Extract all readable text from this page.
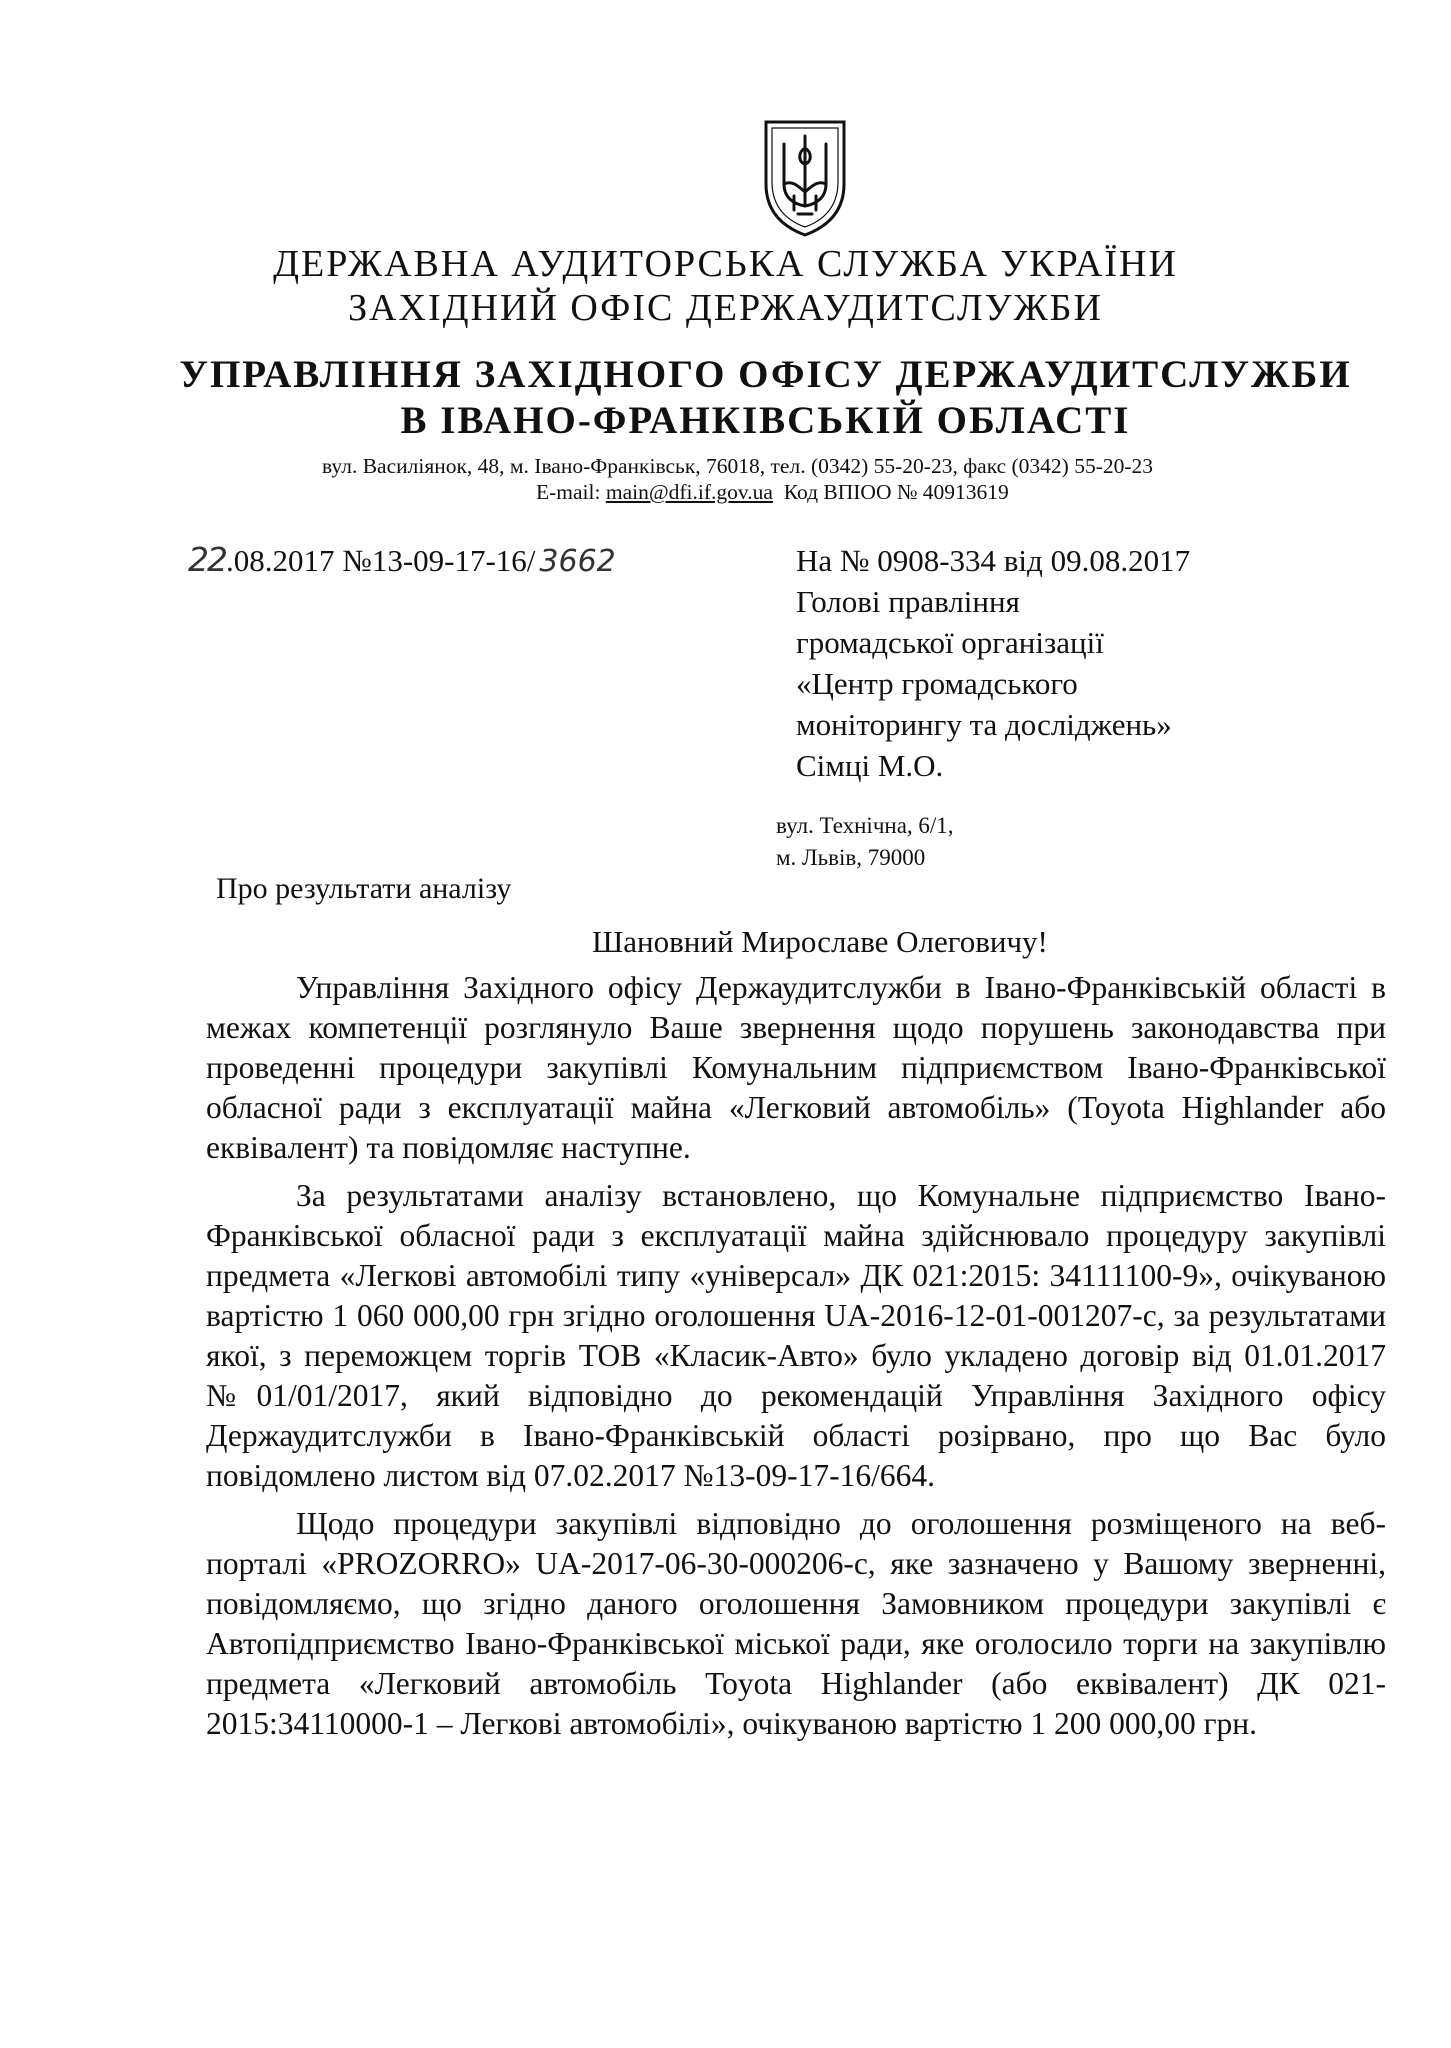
ДЕРЖАВНА АУДИТОРСЬКА СЛУЖБА УКРАЇНИ
ЗАХІДНИЙ ОФІС ДЕРЖАУДИТСЛУЖБИ
УПРАВЛІННЯ ЗАХІДНОГО ОФІСУ ДЕРЖАУДИТСЛУЖБИ
В ІВАНО-ФРАНКІВСЬКІЙ ОБЛАСТІ
вул. Василіянок, 48, м. Івано-Франківськ, 76018, тел. (0342) 55-20-23, факс (0342) 55-20-23
E-mail: main@dfi.if.gov.ua Код ВПІОО № 40913619
22.08.2017 №13-09-17-16/ 3662	На № 0908-334 від 09.08.2017
Голові правління
громадської організації
«Центр громадського
моніторингу та досліджень»
Сімці М.О.
вул. Технічна, 6/1,
м. Львів, 79000
Про результати аналізу
Шановний Мирославе Олеговичу!

Управління Західного офісу Держаудитслужби в Івано-Франківській області в межах компетенції розглянуло Ваше звернення щодо порушень законодавства при проведенні процедури закупівлі Комунальним підприємством Івано-Франківської обласної ради з експлуатації майна «Легковий автомобіль» (Toyota Highlander або еквівалент) та повідомляє наступне.

За результатами аналізу встановлено, що Комунальне підприємство Івано-Франківської обласної ради з експлуатації майна здійснювало процедуру закупівлі предмета «Легкові автомобілі типу «універсал» ДК 021:2015: 34111100-9», очікуваною вартістю 1 060 000,00 грн згідно оголошення UA-2016-12-01-001207-с, за результатами якої, з переможцем торгів ТОВ «Класик-Авто» було укладено договір від 01.01.2017 №01/01/2017, який відповідно до рекомендацій Управління Західного офісу Держаудитслужби в Івано-Франківській області розірвано, про що Вас було повідомлено листом від 07.02.2017 №13-09-17-16/664.

Щодо процедури закупівлі відповідно до оголошення розміщеного на веб-порталі «PROZORRO» UA-2017-06-30-000206-с, яке зазначено у Вашому зверненні, повідомляємо, що згідно даного оголошення Замовником процедури закупівлі є Автопідприємство Івано-Франківської міської ради, яке оголосило торги на закупівлю предмета «Легковий автомобіль Toyota Highlander (або еквівалент) ДК 021-2015:34110000-1 – Легкові автомобілі», очікуваною вартістю 1 200 000,00 грн.
